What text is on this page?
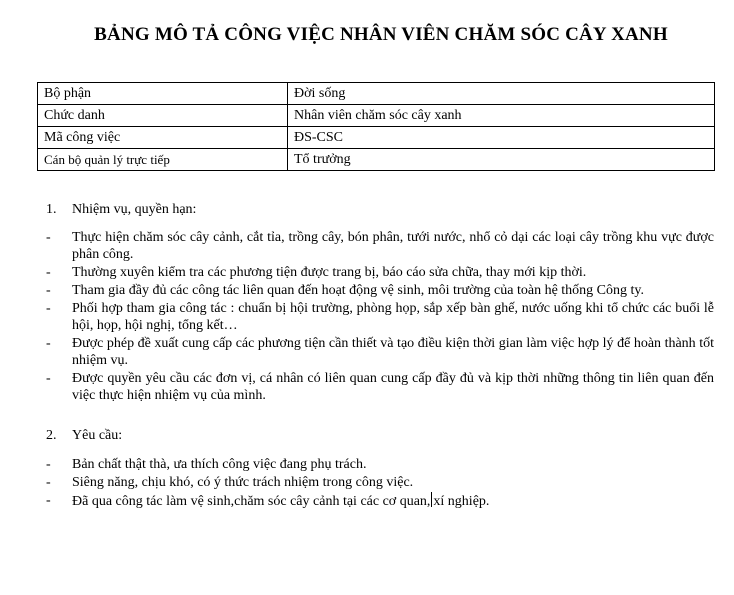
BẢNG MÔ TẢ CÔNG VIỆC NHÂN VIÊN CHĂM SÓC CÂY XANH
Bộ phận	Đời sống
Chức danh	Nhân viên chăm sóc cây xanh
Mã công việc	ĐS-CSC
Cán bộ quản lý trực tiếp	Tổ trưởng
1. Nhiệm vụ, quyền hạn:
- Thực hiện chăm sóc cây cảnh, cắt tỉa, trồng cây, bón phân, tưới nước, nhổ cỏ dại các loại cây trồng khu vực được phân công.
- Thường xuyên kiểm tra các phương tiện được trang bị, báo cáo sửa chữa, thay mới kịp thời.
- Tham gia đầy đủ các công tác liên quan đến hoạt động vệ sinh, môi trường của toàn hệ thống Công ty.
- Phối hợp tham gia công tác : chuẩn bị hội trường, phòng họp, sắp xếp bàn ghế, nước uống khi tổ chức các buổi lễ hội, họp, hội nghị, tổng kết…
- Được phép đề xuất cung cấp các phương tiện cần thiết và tạo điều kiện thời gian làm việc hợp lý để hoàn thành tốt nhiệm vụ.
- Được quyền yêu cầu các đơn vị, cá nhân có liên quan cung cấp đầy đủ và kịp thời những thông tin liên quan đến việc thực hiện nhiệm vụ của mình.
2. Yêu cầu:
- Bản chất thật thà, ưa thích công việc đang phụ trách.
- Siêng năng, chịu khó, có ý thức trách nhiệm trong công việc.
- Đã qua công tác làm vệ sinh,chăm sóc cây cảnh tại các cơ quan, xí nghiệp.
